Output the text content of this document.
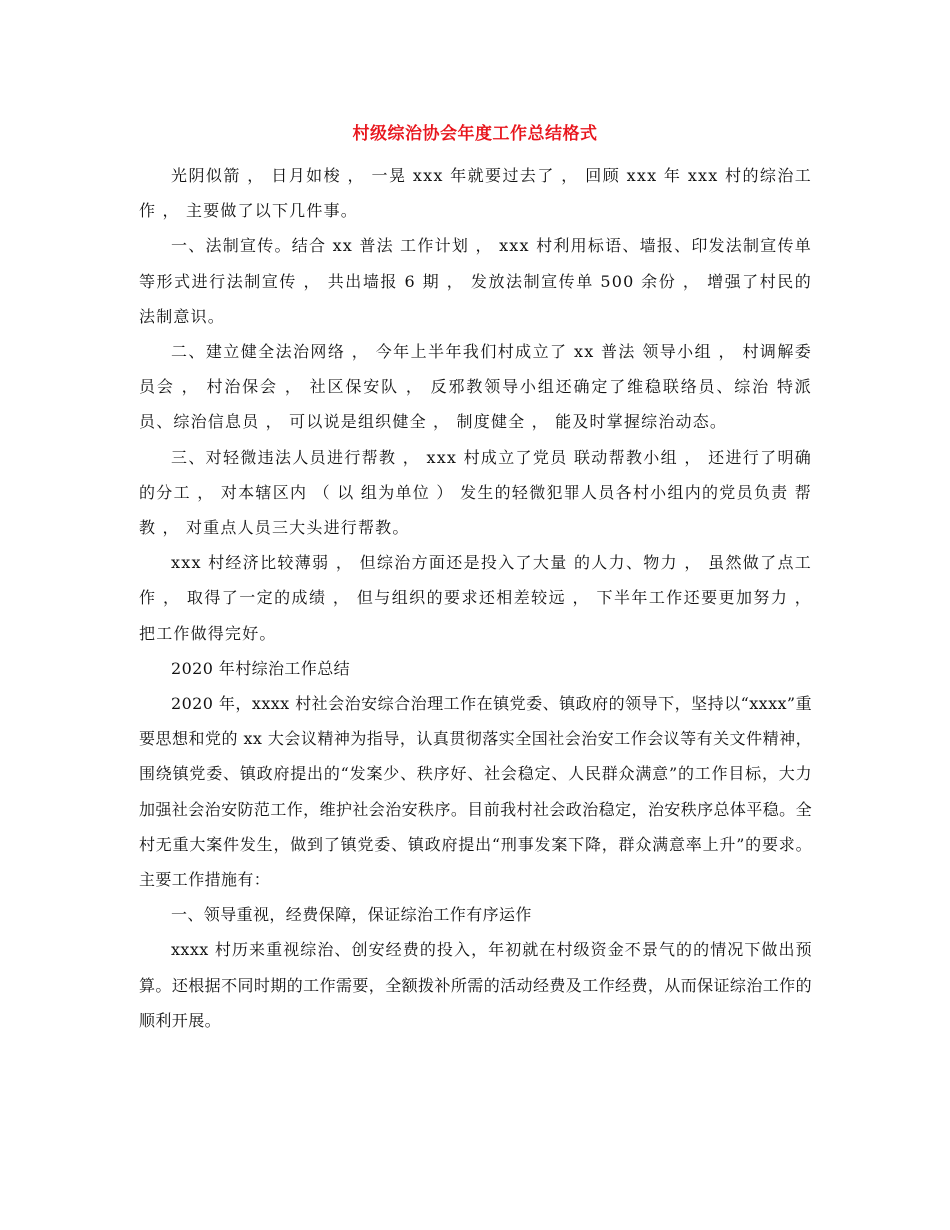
村级综治协会年度工作总结格式

光阴似箭 ， 日月如梭 ， 一晃 xxx 年就要过去了 ， 回顾 xxx 年 xxx 村的综治工作 ， 主要做了以下几件事。

一、法制宣传。结合 xx 普法 工作计划 ， xxx 村利用标语、墙报、印发法制宣传单等形式进行法制宣传 ， 共出墙报 6 期 ， 发放法制宣传单 500 余份 ， 增强了村民的法制意识。

二、建立健全法治网络 ， 今年上半年我们村成立了 xx 普法 领导小组 ， 村调解委员会 ， 村治保会 ， 社区保安队 ， 反邪教领导小组还确定了维稳联络员、综治 特派员、综治信息员 ， 可以说是组织健全 ， 制度健全 ， 能及时掌握综治动态。

三、对轻微违法人员进行帮教 ， xxx 村成立了党员 联动帮教小组 ， 还进行了明确的分工 ， 对本辖区内 （ 以 组为单位 ） 发生的轻微犯罪人员各村小组内的党员负责 帮教 ， 对重点人员三大头进行帮教。

xxx 村经济比较薄弱 ， 但综治方面还是投入了大量 的人力、物力 ， 虽然做了点工作 ， 取得了一定的成绩 ， 但与组织的要求还相差较远 ， 下半年工作还要更加努力 ， 把工作做得完好。

2020 年村综治工作总结

2020 年，xxxx 村社会治安综合治理工作在镇党委、镇政府的领导下，坚持以“xxxx”重要思想和党的 xx 大会议精神为指导，认真贯彻落实全国社会治安工作会议等有关文件精神，围绕镇党委、镇政府提出的“发案少、秩序好、社会稳定、人民群众满意”的工作目标，大力加强社会治安防范工作，维护社会治安秩序。目前我村社会政治稳定，治安秩序总体平稳。全村无重大案件发生，做到了镇党委、镇政府提出“刑事发案下降，群众满意率上升”的要求。主要工作措施有：

一、领导重视，经费保障，保证综治工作有序运作

xxxx 村历来重视综治、创安经费的投入，年初就在村级资金不景气的的情况下做出预算。还根据不同时期的工作需要，全额拨补所需的活动经费及工作经费，从而保证综治工作的顺利开展。
